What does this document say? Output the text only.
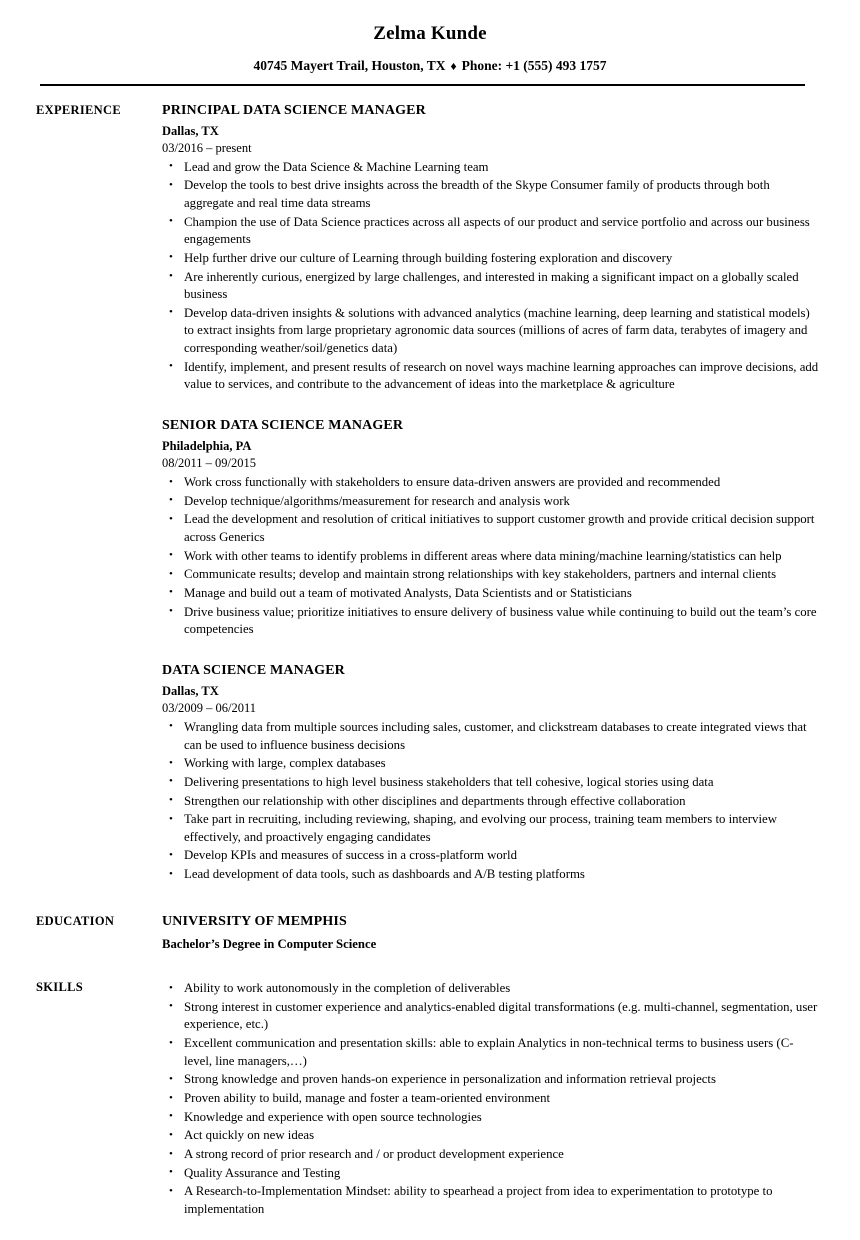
Zelma Kunde
40745 Mayert Trail, Houston, TX ♦ Phone: +1 (555) 493 1757
EXPERIENCE	PRINCIPAL DATA SCIENCE MANAGER
Dallas, TX
03/2016 – present
• Lead and grow the Data Science & Machine Learning team
• Develop the tools to best drive insights across the breadth of the Skype Consumer family of products through both aggregate and real time data streams
• Champion the use of Data Science practices across all aspects of our product and service portfolio and across our business engagements
• Help further drive our culture of Learning through building fostering exploration and discovery
• Are inherently curious, energized by large challenges, and interested in making a significant impact on a globally scaled business
• Develop data-driven insights & solutions with advanced analytics (machine learning, deep learning and statistical models) to extract insights from large proprietary agronomic data sources (millions of acres of farm data, terabytes of imagery and corresponding weather/soil/genetics data)
• Identify, implement, and present results of research on novel ways machine learning approaches can improve decisions, add value to services, and contribute to the advancement of ideas into the marketplace & agriculture
SENIOR DATA SCIENCE MANAGER
Philadelphia, PA
08/2011 – 09/2015
• Work cross functionally with stakeholders to ensure data-driven answers are provided and recommended
• Develop technique/algorithms/measurement for research and analysis work
• Lead the development and resolution of critical initiatives to support customer growth and provide critical decision support across Generics
• Work with other teams to identify problems in different areas where data mining/machine learning/statistics can help
• Communicate results; develop and maintain strong relationships with key stakeholders, partners and internal clients
• Manage and build out a team of motivated Analysts, Data Scientists and or Statisticians
• Drive business value; prioritize initiatives to ensure delivery of business value while continuing to build out the team’s core competencies
DATA SCIENCE MANAGER
Dallas, TX
03/2009 – 06/2011
• Wrangling data from multiple sources including sales, customer, and clickstream databases to create integrated views that can be used to influence business decisions
• Working with large, complex databases
• Delivering presentations to high level business stakeholders that tell cohesive, logical stories using data
• Strengthen our relationship with other disciplines and departments through effective collaboration
• Take part in recruiting, including reviewing, shaping, and evolving our process, training team members to interview effectively, and proactively engaging candidates
• Develop KPIs and measures of success in a cross-platform world
• Lead development of data tools, such as dashboards and A/B testing platforms
EDUCATION	UNIVERSITY OF MEMPHIS
Bachelor’s Degree in Computer Science
SKILLS	• Ability to work autonomously in the completion of deliverables
• Strong interest in customer experience and analytics-enabled digital transformations (e.g. multi-channel, segmentation, user experience, etc.)
• Excellent communication and presentation skills: able to explain Analytics in non-technical terms to business users (C-level, line managers,…)
• Strong knowledge and proven hands-on experience in personalization and information retrieval projects
• Proven ability to build, manage and foster a team-oriented environment
• Knowledge and experience with open source technologies
• Act quickly on new ideas
• A strong record of prior research and / or product development experience
• Quality Assurance and Testing
• A Research-to-Implementation Mindset: ability to spearhead a project from idea to experimentation to prototype to implementation
